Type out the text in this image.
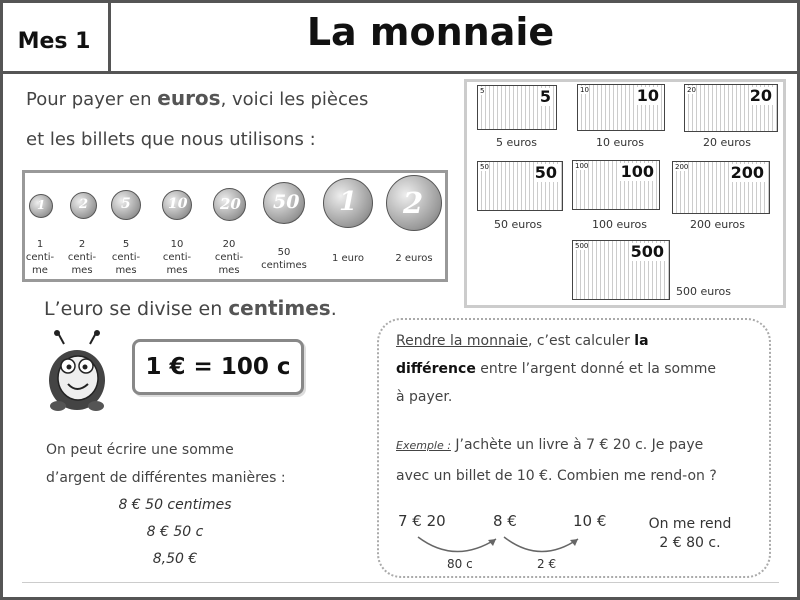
Mes 1	La monnaie
Pour payer en euros, voici les pièces
et les billets que nous utilisons :
1	2 5	10 20 50 1 2
1
centi-
me
2
centi-
mes
5
centi-
mes
10
centi-
mes
20
centi-
mes
50
centimes
1 euro	2 euros
5	5	10	10	20	20
50	50	100 100	200	200
500	500
5 euros	10 euros	20 euros
50 euros	100 euros	200 euros
500 euros
L’euro se divise en centimes.
1 € = 100 c
On peut écrire une somme
d’argent de différentes manières :
8 € 50 centimes
8 € 50 c
8,50 €
Rendre la monnaie, c’est calculer la
différence entre l’argent donné et la somme
à payer.
Exemple : J’achète un livre à 7 € 20 c. Je paye
avec un billet de 10 €. Combien me rend-on ?
7 € 20	8 €	10 €
80 c	2 €
On me rend
2 € 80 c.
